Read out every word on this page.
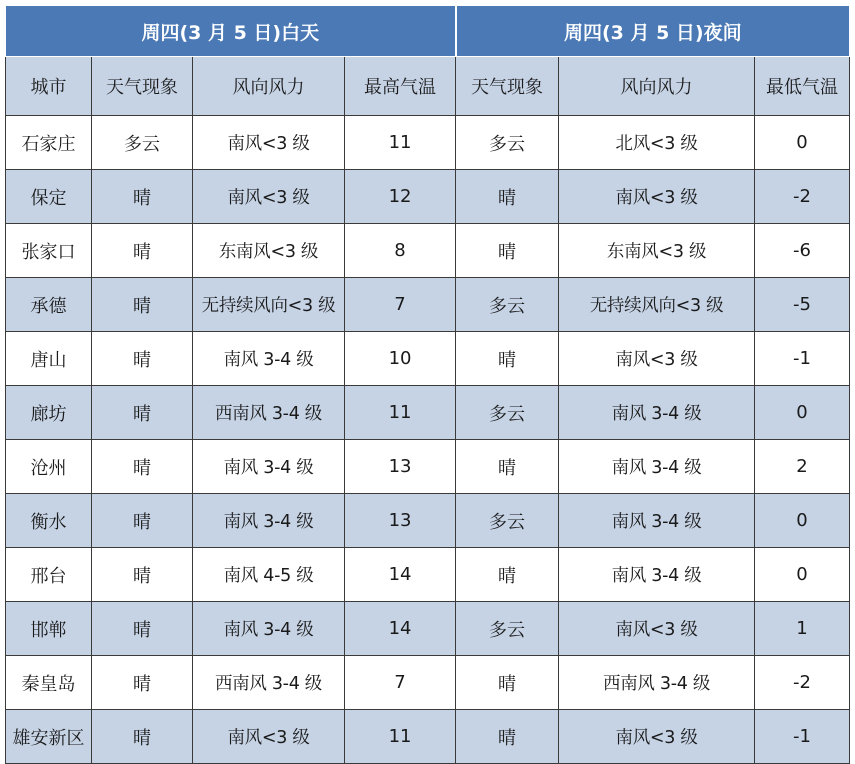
周四(3 月 5 日)白天				周四(3 月 5 日)夜间		
城市	天气现象	风向风力	最高气温	天气现象	风向风力	最低气温
石家庄	多云	南风<3 级	11	多云	北风<3 级	0
保定	晴	南风<3 级	12	晴	南风<3 级	-2
张家口	晴	东南风<3 级	8	晴	东南风<3 级	-6
承德	晴	无持续风向<3 级	7	多云	无持续风向<3 级	-5
唐山	晴	南风 3-4 级	10	晴	南风<3 级	-1
廊坊	晴	西南风 3-4 级	11	多云	南风 3-4 级	0
沧州	晴	南风 3-4 级	13	晴	南风 3-4 级	2
衡水	晴	南风 3-4 级	13	多云	南风 3-4 级	0
邢台	晴	南风 4-5 级	14	晴	南风 3-4 级	0
邯郸	晴	南风 3-4 级	14	多云	南风<3 级	1
秦皇岛	晴	西南风 3-4 级	7	晴	西南风 3-4 级	-2
雄安新区	晴	南风<3 级	11	晴	南风<3 级	-1
